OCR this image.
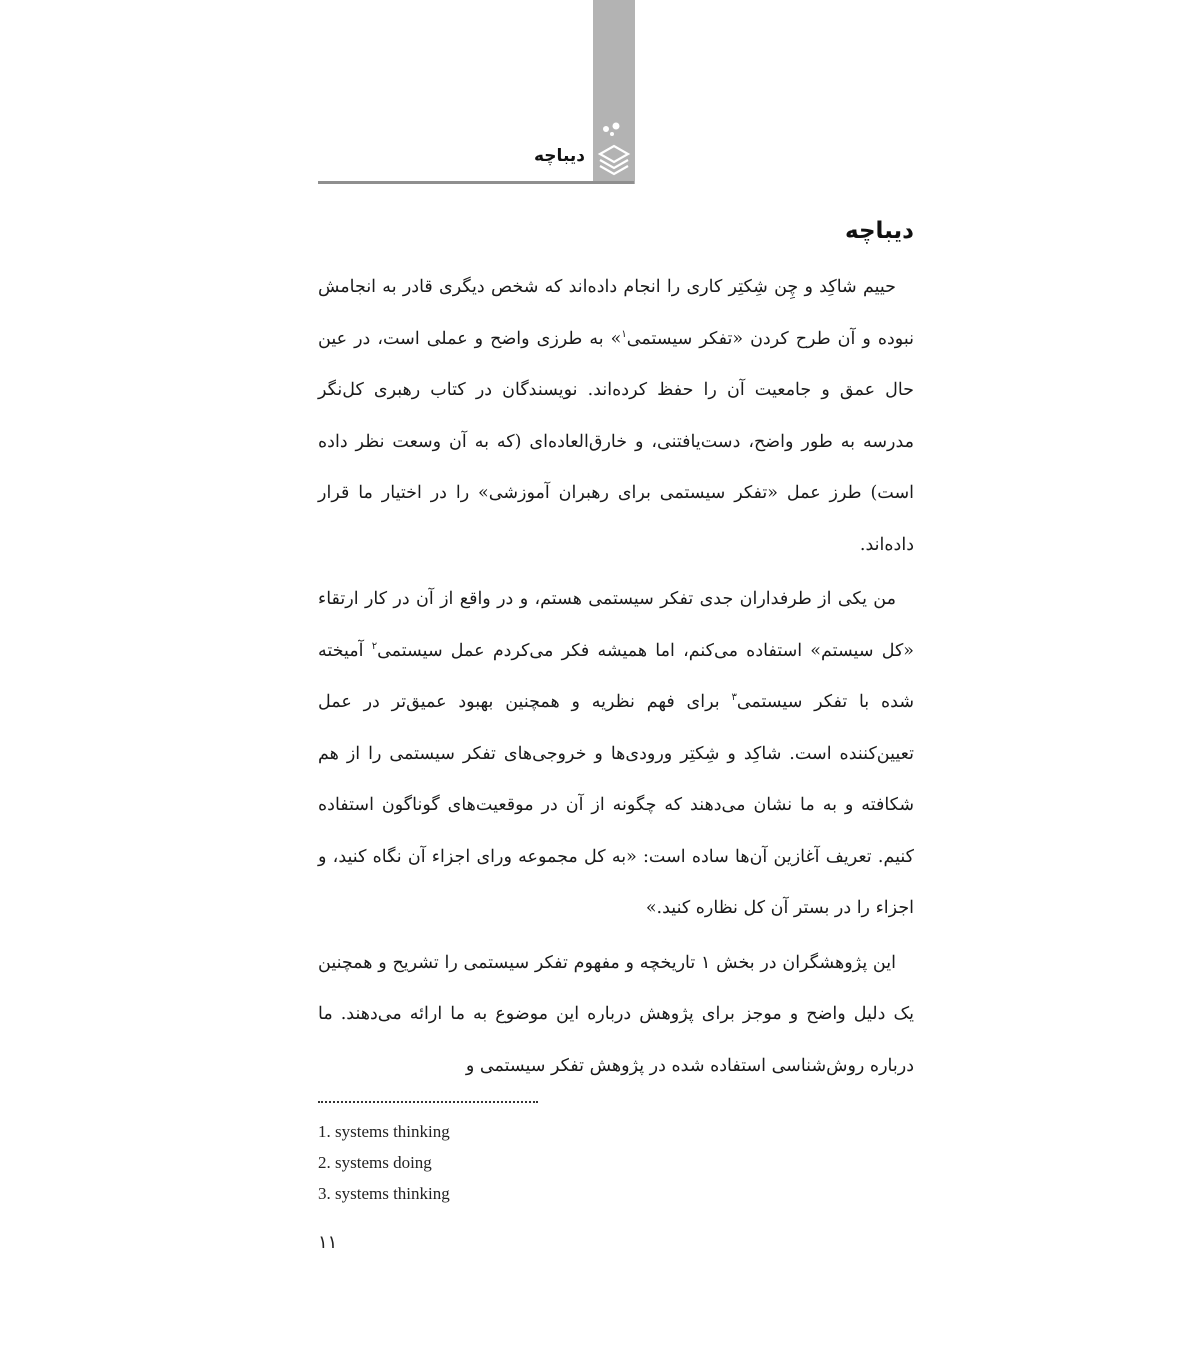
دیباچه
دیباچه

حییم شاکِد و چِن شِکتِر کاری را انجام داده‌اند که شخص دیگری قادر به انجامش نبوده و آن طرح کردن «تفکر سیستمی$^۱$» به طرزی واضح و عملی است، در عین حال عمق و جامعیت آن را حفظ کرده‌اند. نویسندگان در کتاب رهبری کل‌نگر مدرسه به طور واضح، دست‌یافتنی، و خارق‌العاده‌ای (که به آن وسعت نظر داده است) طرز عمل «تفکر سیستمی برای رهبران آموزشی» را در اختیار ما قرار داده‌اند.

من یکی از طرفداران جدی تفکر سیستمی هستم، و در واقع از آن در کار ارتقاء «کل سیستم» استفاده می‌کنم، اما همیشه فکر می‌کردم عمل سیستمی$^۲$ آمیخته شده با تفکر سیستمی$^۳$ برای فهم نظریه و همچنین بهبود عمیق‌تر در عمل تعیین‌کننده است. شاکِد و شِکتِر ورودی‌ها و خروجی‌های تفکر سیستمی را از هم شکافته و به ما نشان می‌دهند که چگونه از آن در موقعیت‌های گوناگون استفاده کنیم. تعریف آغازین آن‌ها ساده است: «به کل مجموعه ورای اجزاء آن نگاه کنید، و اجزاء را در بستر آن کل نظاره کنید.»

این پژوهشگران در بخش ۱ تاریخچه و مفهوم تفکر سیستمی را تشریح و همچنین یک دلیل واضح و موجز برای پژوهش درباره این موضوع به ما ارائه می‌دهند. ما درباره روش‌شناسی استفاده شده در پژوهش تفکر سیستمی و

1. systems thinking
2. systems doing
3. systems thinking
۱۱
